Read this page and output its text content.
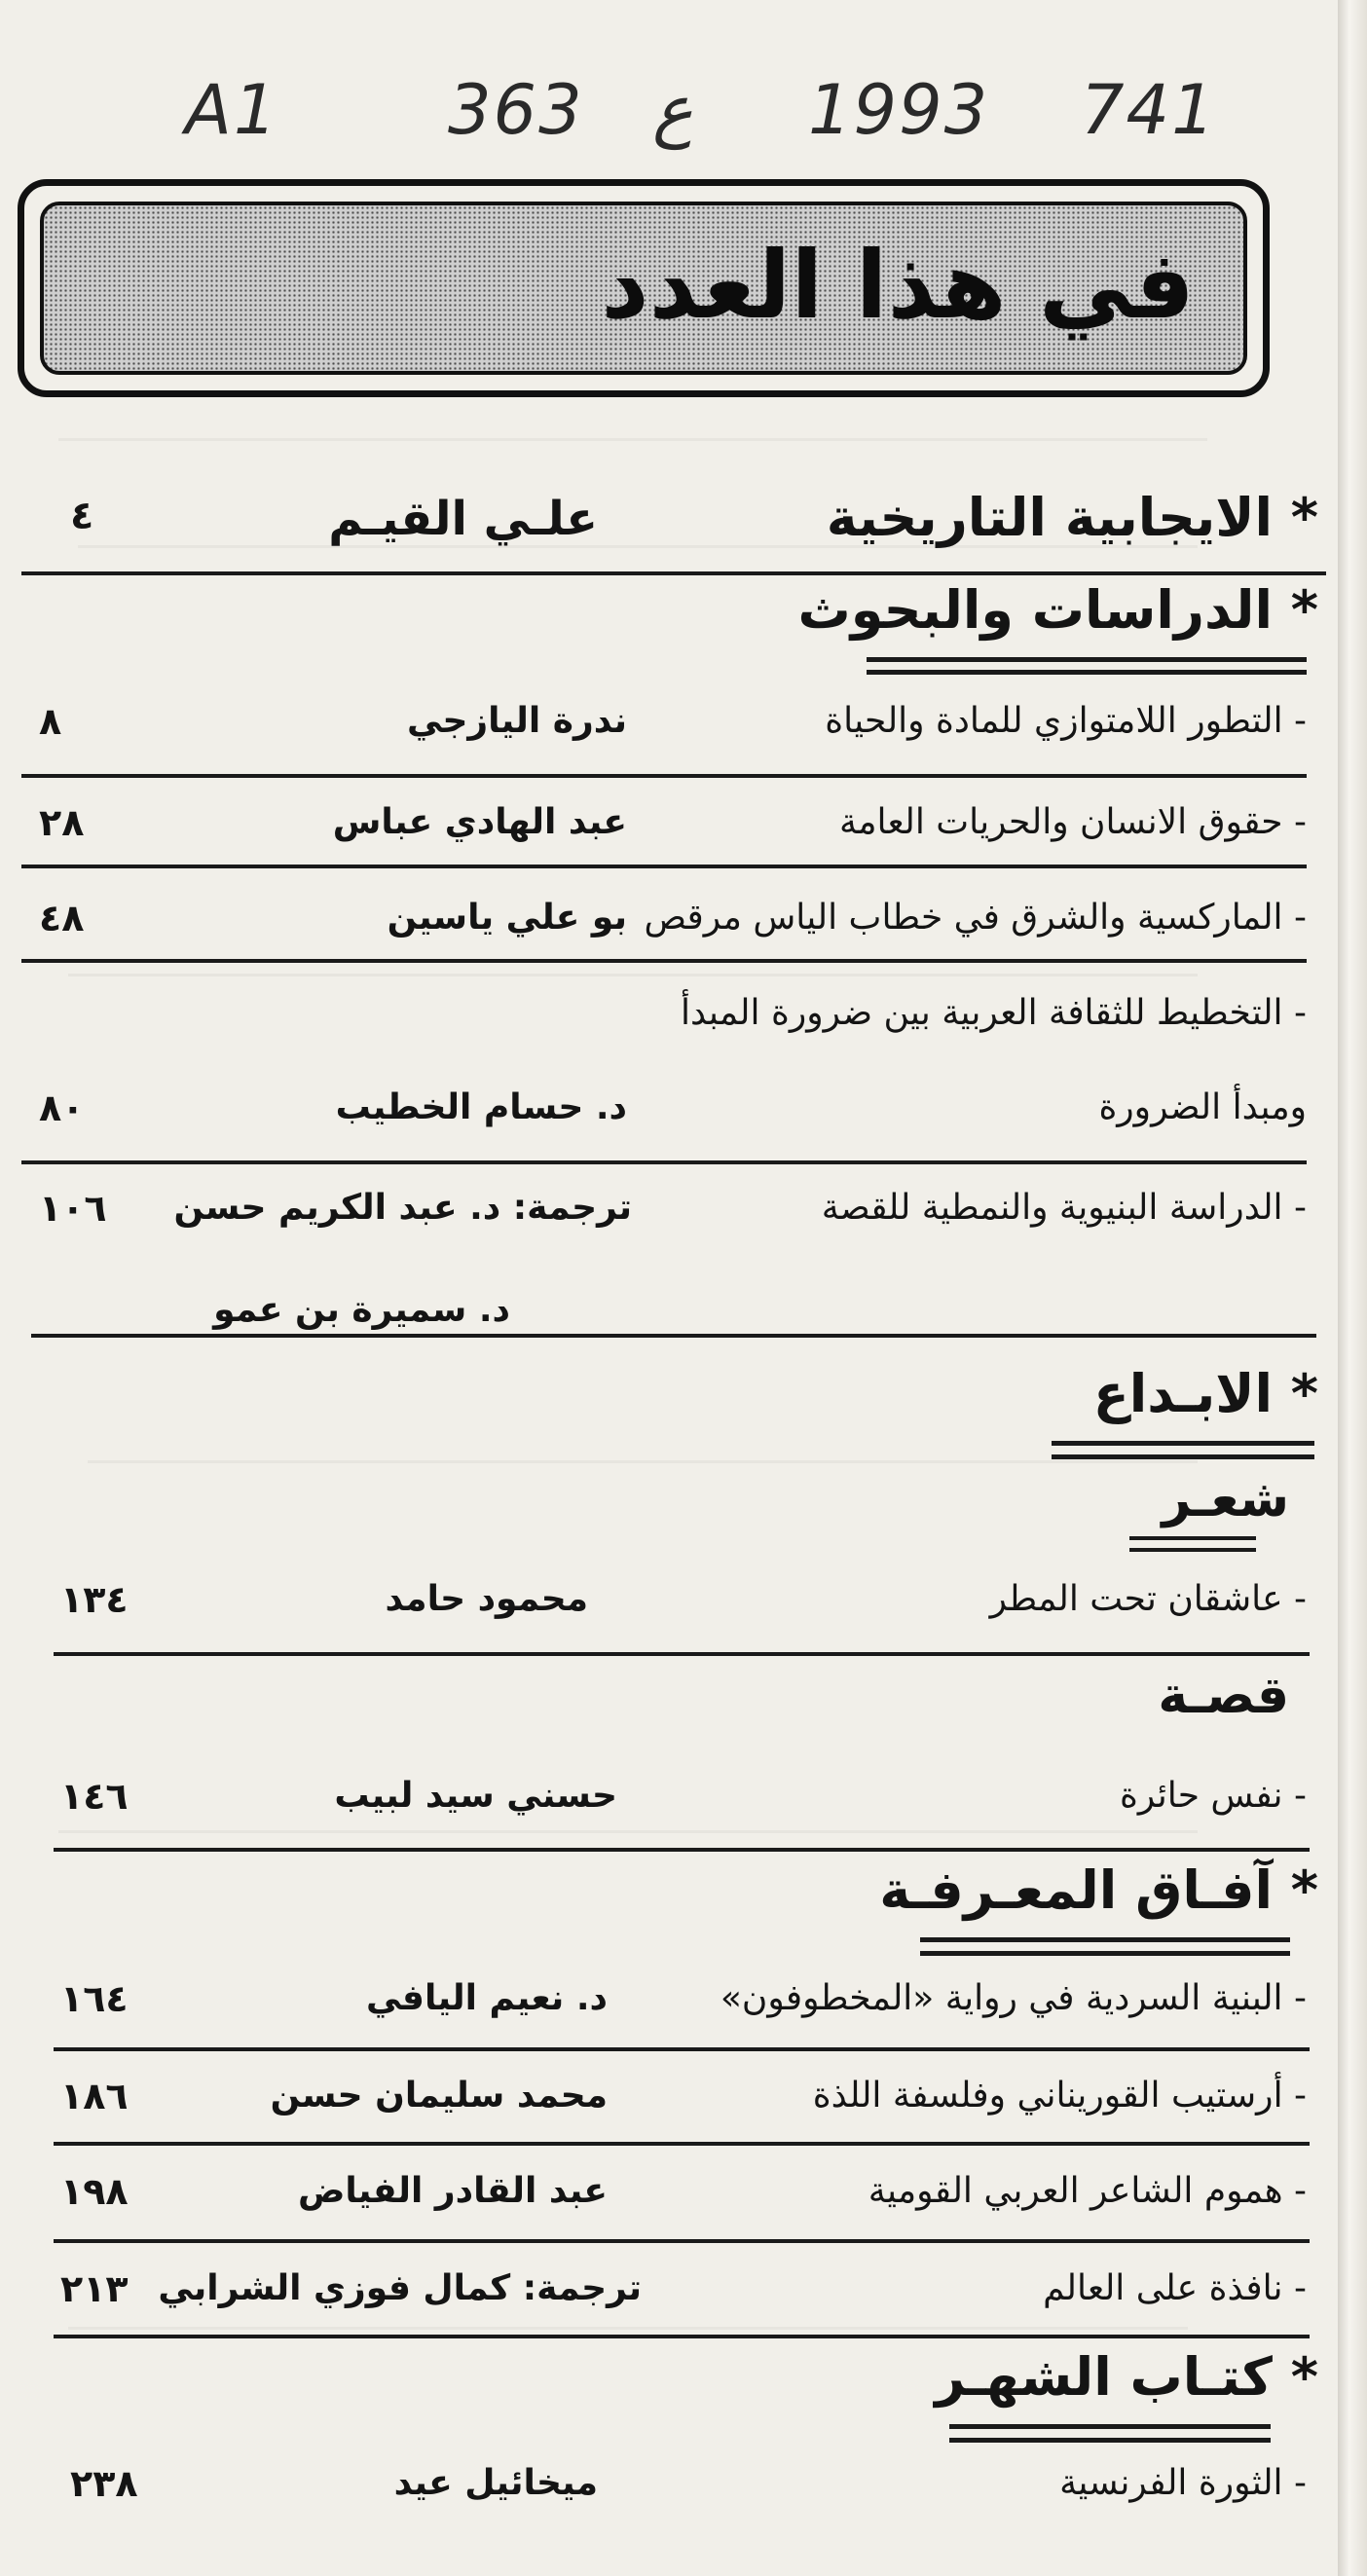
A1 363 ع 1993 741
في هذا العدد
* الايجابية التاريخية
علـي القيـم
٤
* الدراسات والبحوث
- التطور اللامتوازي للمادة والحياة
ندرة اليازجي
٨
- حقوق الانسان والحريات العامة
عبد الهادي عباس
٢٨
- الماركسية والشرق في خطاب الياس مرقص
بو علي ياسين
٤٨
- التخطيط للثقافة العربية بين ضرورة المبدأ
ومبدأ الضرورة
د. حسام الخطيب
٨٠
- الدراسة البنيوية والنمطية للقصة
ترجمة: د. عبد الكريم حسن
١٠٦
د. سميرة بن عمو
* الابـداع
شعـر
- عاشقان تحت المطر
محمود حامد
١٣٤
قصـة
- نفس حائرة
حسني سيد لبيب
١٤٦
* آفـاق المعـرفـة
- البنية السردية في رواية «المخطوفون»
د. نعيم اليافي
١٦٤
- أرستيب القوريناني وفلسفة اللذة
محمد سليمان حسن
١٨٦
- هموم الشاعر العربي القومية
عبد القادر الفياض
١٩٨
- نافذة على العالم
ترجمة: كمال فوزي الشرابي
٢١٣
* كتـاب الشهـر
- الثورة الفرنسية
ميخائيل عيد
٢٣٨
